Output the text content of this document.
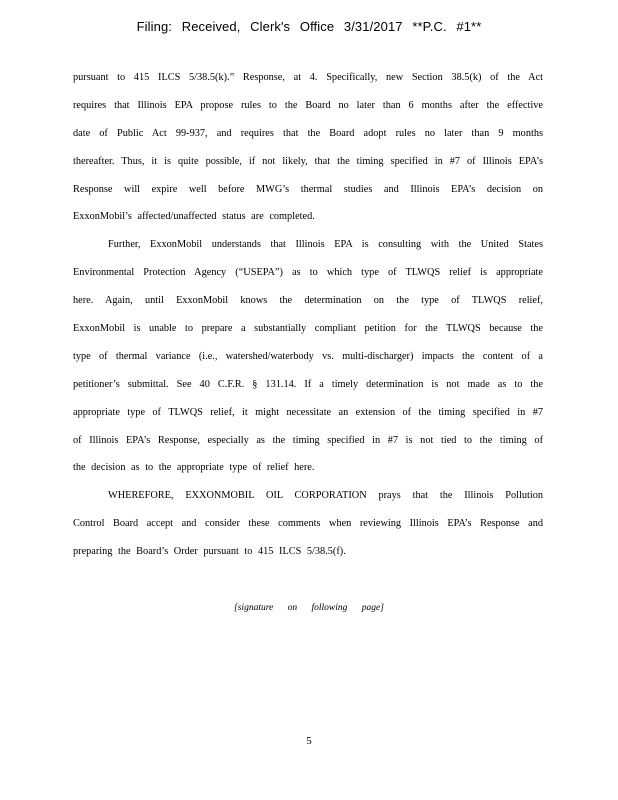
Filing: Received, Clerk's Office 3/31/2017 **P.C. #1**
pursuant to 415 ILCS 5/38.5(k).” Response, at 4. Specifically, new Section 38.5(k) of the Act
requires that Illinois EPA propose rules to the Board no later than 6 months after the effective
date of Public Act 99-937, and requires that the Board adopt rules no later than 9 months
thereafter. Thus, it is quite possible, if not likely, that the timing specified in #7 of Illinois EPA’s
Response will expire well before MWG’s thermal studies and Illinois EPA’s decision on
ExxonMobil’s affected/unaffected status are completed.
Further, ExxonMobil understands that Illinois EPA is consulting with the United States
Environmental Protection Agency (“USEPA”) as to which type of TLWQS relief is appropriate
here. Again, until ExxonMobil knows the determination on the type of TLWQS relief,
ExxonMobil is unable to prepare a substantially compliant petition for the TLWQS because the
type of thermal variance (i.e., watershed/waterbody vs. multi-discharger) impacts the content of a
petitioner’s submittal. See 40 C.F.R. § 131.14. If a timely determination is not made as to the
appropriate type of TLWQS relief, it might necessitate an extension of the timing specified in #7
of Illinois EPA’s Response, especially as the timing specified in #7 is not tied to the timing of
the decision as to the appropriate type of relief here.
WHEREFORE, EXXONMOBIL OIL CORPORATION prays that the Illinois Pollution
Control Board accept and consider these comments when reviewing Illinois EPA’s Response and
preparing the Board’s Order pursuant to 415 ILCS 5/38.5(f).
[signature on following page]
5
